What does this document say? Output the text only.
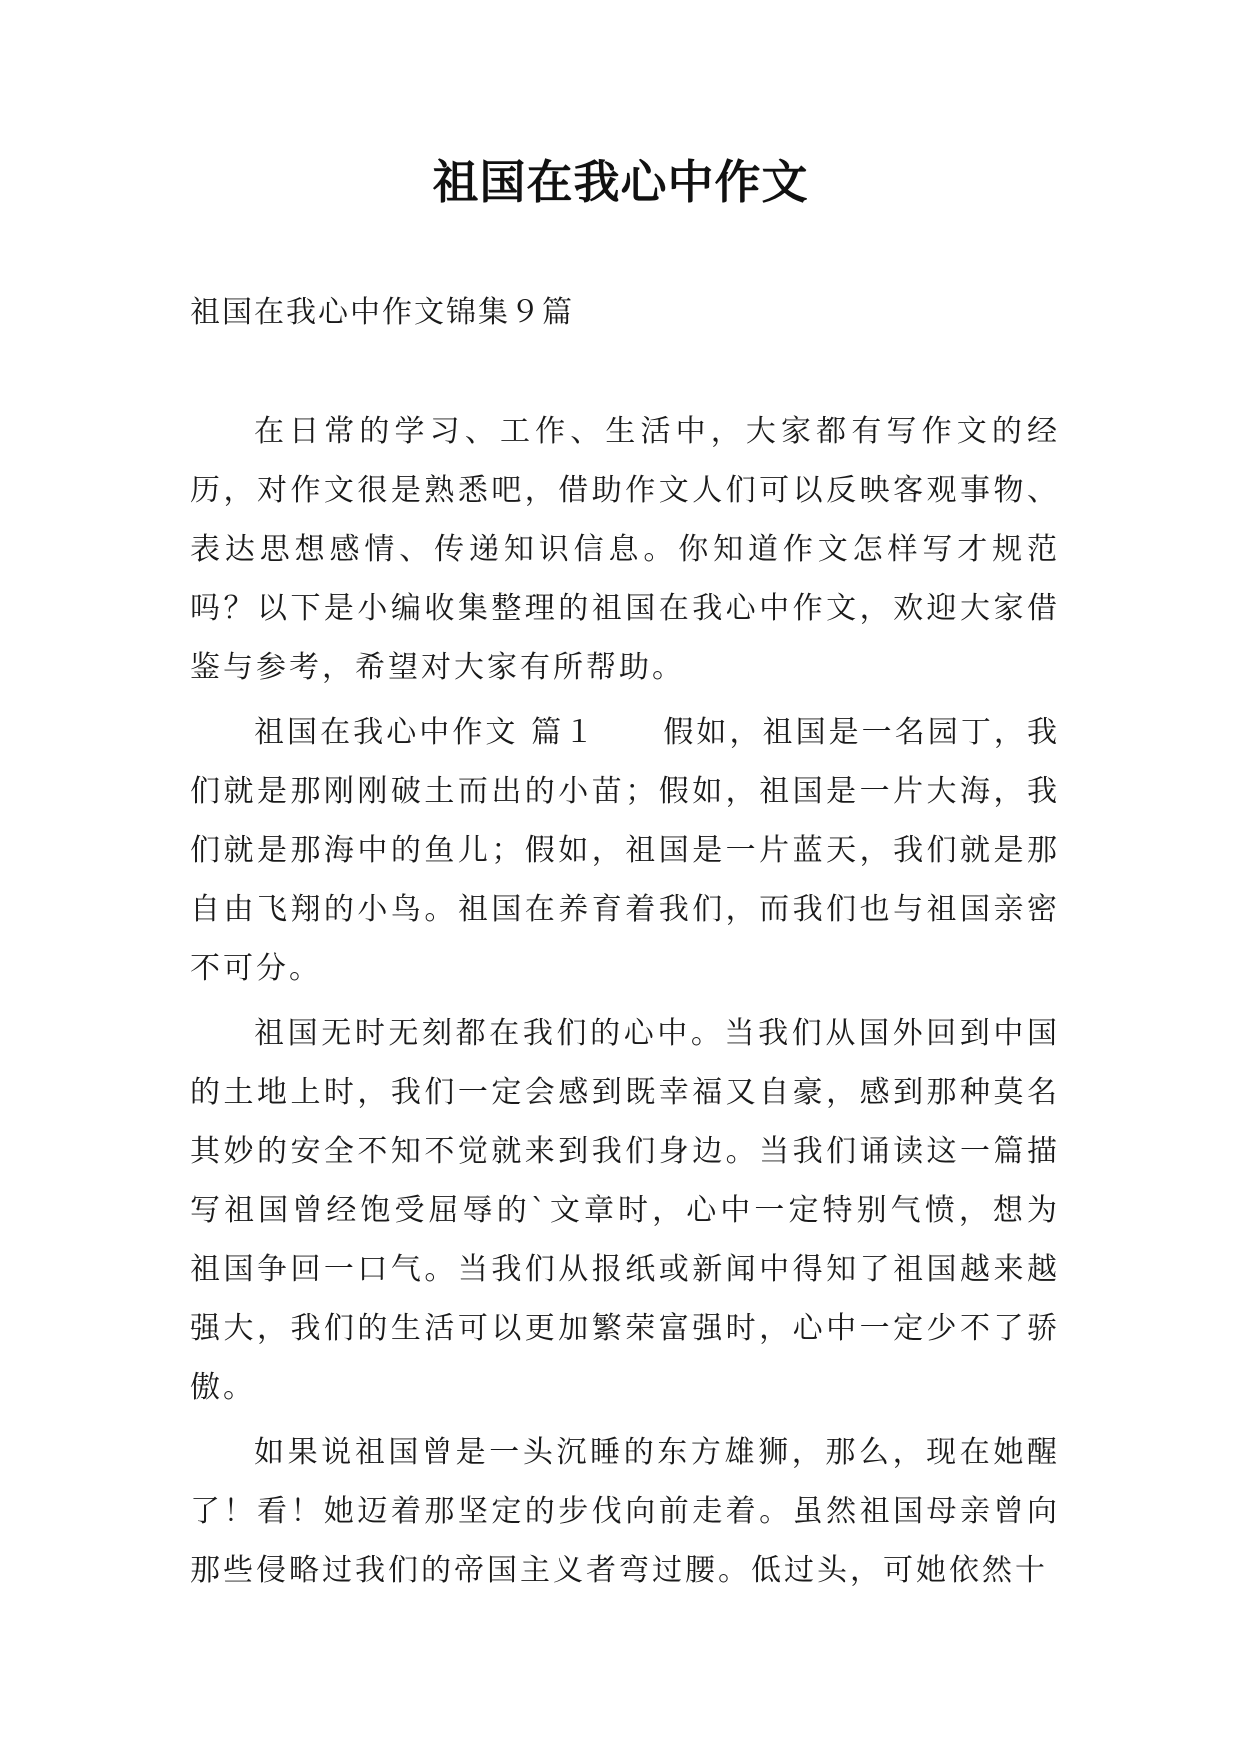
祖国在我心中作文
祖国在我心中作文锦集９篇

在日常的学习、工作、生活中，大家都有写作文的经历，对作文很是熟悉吧，借助作文人们可以反映客观事物、表达思想感情、传递知识信息。你知道作文怎样写才规范吗？以下是小编收集整理的祖国在我心中作文，欢迎大家借鉴与参考，希望对大家有所帮助。

祖国在我心中作文 篇１　　假如，祖国是一名园丁，我们就是那刚刚破土而出的小苗；假如，祖国是一片大海，我们就是那海中的鱼儿；假如，祖国是一片蓝天，我们就是那自由飞翔的小鸟。祖国在养育着我们，而我们也与祖国亲密不可分。

祖国无时无刻都在我们的心中。当我们从国外回到中国的土地上时，我们一定会感到既幸福又自豪，感到那种莫名其妙的安全不知不觉就来到我们身边。当我们诵读这一篇描写祖国曾经饱受屈辱的`文章时，心中一定特别气愤，想为祖国争回一口气。当我们从报纸或新闻中得知了祖国越来越强大，我们的生活可以更加繁荣富强时，心中一定少不了骄傲。

如果说祖国曾是一头沉睡的东方雄狮，那么，现在她醒了！看！她迈着那坚定的步伐向前走着。虽然祖国母亲曾向那些侵略过我们的帝国主义者弯过腰。低过头，可她依然十
